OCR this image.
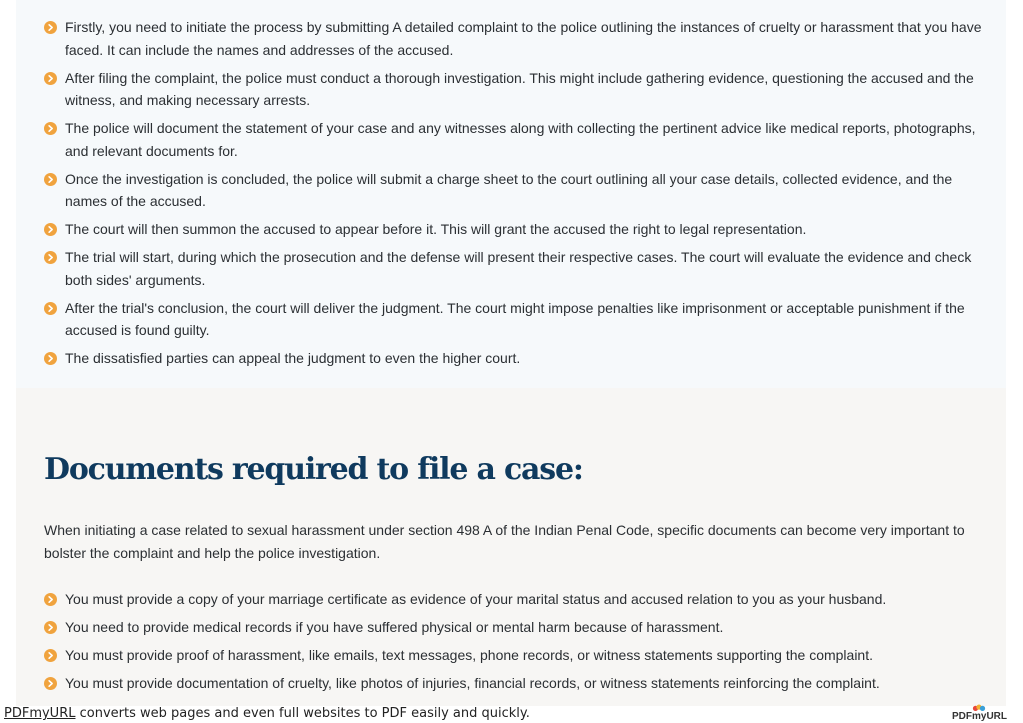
Firstly, you need to initiate the process by submitting A detailed complaint to the police outlining the instances of cruelty or harassment that you have faced. It can include the names and addresses of the accused.
After filing the complaint, the police must conduct a thorough investigation. This might include gathering evidence, questioning the accused and the witness, and making necessary arrests.
The police will document the statement of your case and any witnesses along with collecting the pertinent advice like medical reports, photographs, and relevant documents for.
Once the investigation is concluded, the police will submit a charge sheet to the court outlining all your case details, collected evidence, and the names of the accused.
The court will then summon the accused to appear before it. This will grant the accused the right to legal representation.
The trial will start, during which the prosecution and the defense will present their respective cases. The court will evaluate the evidence and check both sides' arguments.
After the trial's conclusion, the court will deliver the judgment. The court might impose penalties like imprisonment or acceptable punishment if the accused is found guilty.
The dissatisfied parties can appeal the judgment to even the higher court.
Documents required to file a case:

When initiating a case related to sexual harassment under section 498 A of the Indian Penal Code, specific documents can become very important to bolster the complaint and help the police investigation.

You must provide a copy of your marriage certificate as evidence of your marital status and accused relation to you as your husband.
You need to provide medical records if you have suffered physical or mental harm because of harassment.
You must provide proof of harassment, like emails, text messages, phone records, or witness statements supporting the complaint.
You must provide documentation of cruelty, like photos of injuries, financial records, or witness statements reinforcing the complaint.
PDFmyURL converts web pages and even full websites to PDF easily and quickly.	PDFmyURL
